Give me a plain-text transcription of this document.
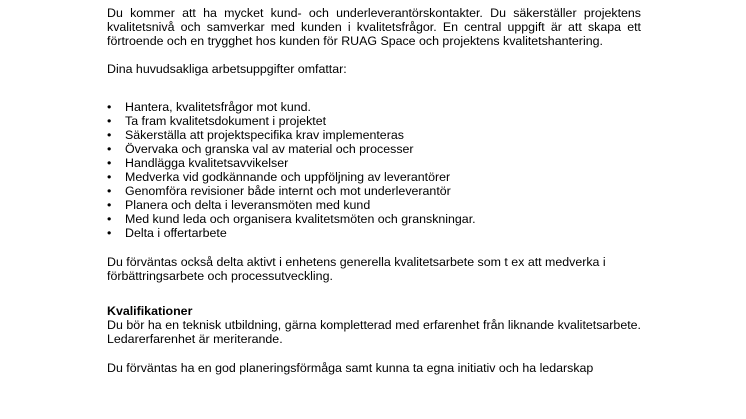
Du kommer att ha mycket kund- och underleverantörskontakter. Du säkerställer projektens kvalitetsnivå och samverkar med kunden i kvalitetsfrågor. En central uppgift är att skapa ett förtroende och en trygghet hos kunden för RUAG Space och projektens kvalitetshantering.

Dina huvudsakliga arbetsuppgifter omfattar:

•	Hantera, kvalitetsfrågor mot kund.
•	Ta fram kvalitetsdokument i projektet
•	Säkerställa att projektspecifika krav implementeras
•	Övervaka och granska val av material och processer
•	Handlägga kvalitetsavvikelser
•	Medverka vid godkännande och uppföljning av leverantörer
•	Genomföra revisioner både internt och mot underleverantör
•	Planera och delta i leveransmöten med kund
•	Med kund leda och organisera kvalitetsmöten och granskningar.
•	Delta i offertarbete

Du förväntas också delta aktivt i enhetens generella kvalitetsarbete som t ex att medverka i förbättringsarbete och processutveckling.

Kvalifikationer

Du bör ha en teknisk utbildning, gärna kompletterad med erfarenhet från liknande kvalitetsarbete. Ledarerfarenhet är meriterande.

Du förväntas ha en god planeringsförmåga samt kunna ta egna initiativ och ha ledarskap
